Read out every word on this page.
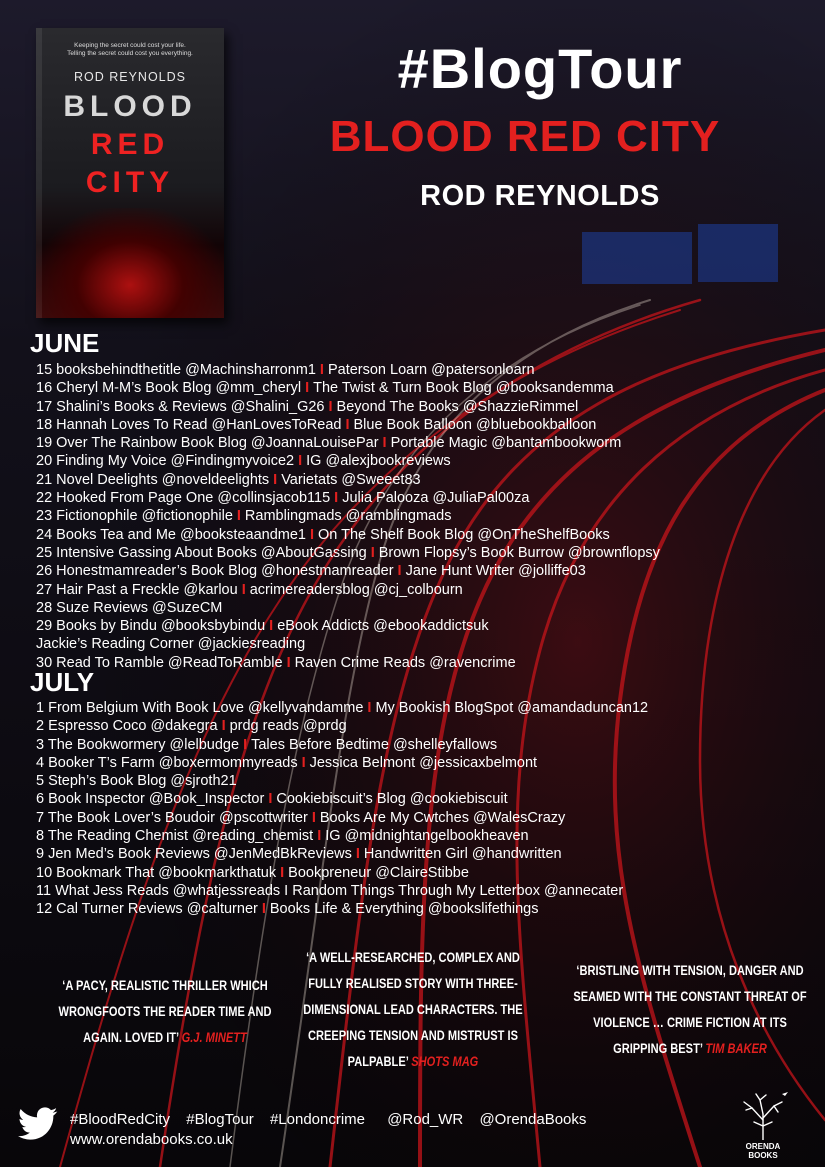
Keeping the secret could cost your life.
Telling the secret could cost you everything.
ROD REYNOLDS
BLOOD
RED
CITY
#BlogTour
BLOOD RED CITY
ROD REYNOLDS
JUNE
15 booksbehindthetitle @Machinsharronm1 I Paterson Loarn @patersonloarn
16 Cheryl M-M’s Book Blog @mm_cheryl I The Twist & Turn Book Blog @booksandemma
17 Shalini’s Books & Reviews @Shalini_G26 I Beyond The Books @ShazzieRimmel
18 Hannah Loves To Read @HanLovesToRead I Blue Book Balloon @bluebookballoon
19 Over The Rainbow Book Blog @JoannaLouisePar I Portable Magic @bantambookworm
20 Finding My Voice @Findingmyvoice2 I IG @alexjbookreviews
21 Novel Deelights @noveldeelights I Varietats @Sweeet83
22 Hooked From Page One @collinsjacob115 I Julia Palooza @JuliaPal00za
23 Fictionophile @fictionophile I Ramblingmads @ramblingmads
24 Books Tea and Me @booksteaandme1 I On The Shelf Book Blog @OnTheShelfBooks
25 Intensive Gassing About Books @AboutGassing I Brown Flopsy’s Book Burrow @brownflopsy
26 Honestmamreader’s Book Blog @honestmamreader I Jane Hunt Writer @jolliffe03
27 Hair Past a Freckle @karlou I acrimereadersblog @cj_colbourn
28 Suze Reviews @SuzeCM
29 Books by Bindu @booksbybindu I eBook Addicts @ebookaddictsuk
Jackie’s Reading Corner @jackiesreading
30 Read To Ramble @ReadToRamble I Raven Crime Reads @ravencrime
JULY
1 From Belgium With Book Love @kellyvandamme I My Bookish BlogSpot @amandaduncan12
2 Espresso Coco @dakegra I prdg reads @prdg
3 The Bookwormery @lelbudge I Tales Before Bedtime @shelleyfallows
4 Booker T’s Farm @boxermommyreads I Jessica Belmont @jessicaxbelmont
5 Steph’s Book Blog @sjroth21
6 Book Inspector @Book_Inspector I Cookiebiscuit’s Blog @cookiebiscuit
7 The Book Lover’s Boudoir @pscottwriter I Books Are My Cwtches @WalesCrazy
8 The Reading Chemist @reading_chemist I IG @midnightangelbookheaven
9 Jen Med’s Book Reviews @JenMedBkReviews I Handwritten Girl @handwritten
10 Bookmark That @bookmarkthatuk I Bookpreneur @ClaireStibbe
11 What Jess Reads @whatjessreads I Random Things Through My Letterbox @annecater
12 Cal Turner Reviews @calturner I Books Life & Everything @bookslifethings
‘A PACY, REALISTIC THRILLER WHICH WRONGFOOTS THE READER TIME AND AGAIN. LOVED IT’ G.J. MINETT
‘A WELL-RESEARCHED, COMPLEX AND FULLY REALISED STORY WITH THREE-DIMENSIONAL LEAD CHARACTERS. THE CREEPING TENSION AND MISTRUST IS PALPABLE’ SHOTS MAG
‘BRISTLING WITH TENSION, DANGER AND SEAMED WITH THE CONSTANT THREAT OF VIOLENCE … CRIME FICTION AT ITS GRIPPING BEST’ TIM BAKER
#BloodRedCity #BlogTour #Londoncrime @Rod_WR @OrendaBooks
www.orendabooks.co.uk	ORENDA
BOOKS
